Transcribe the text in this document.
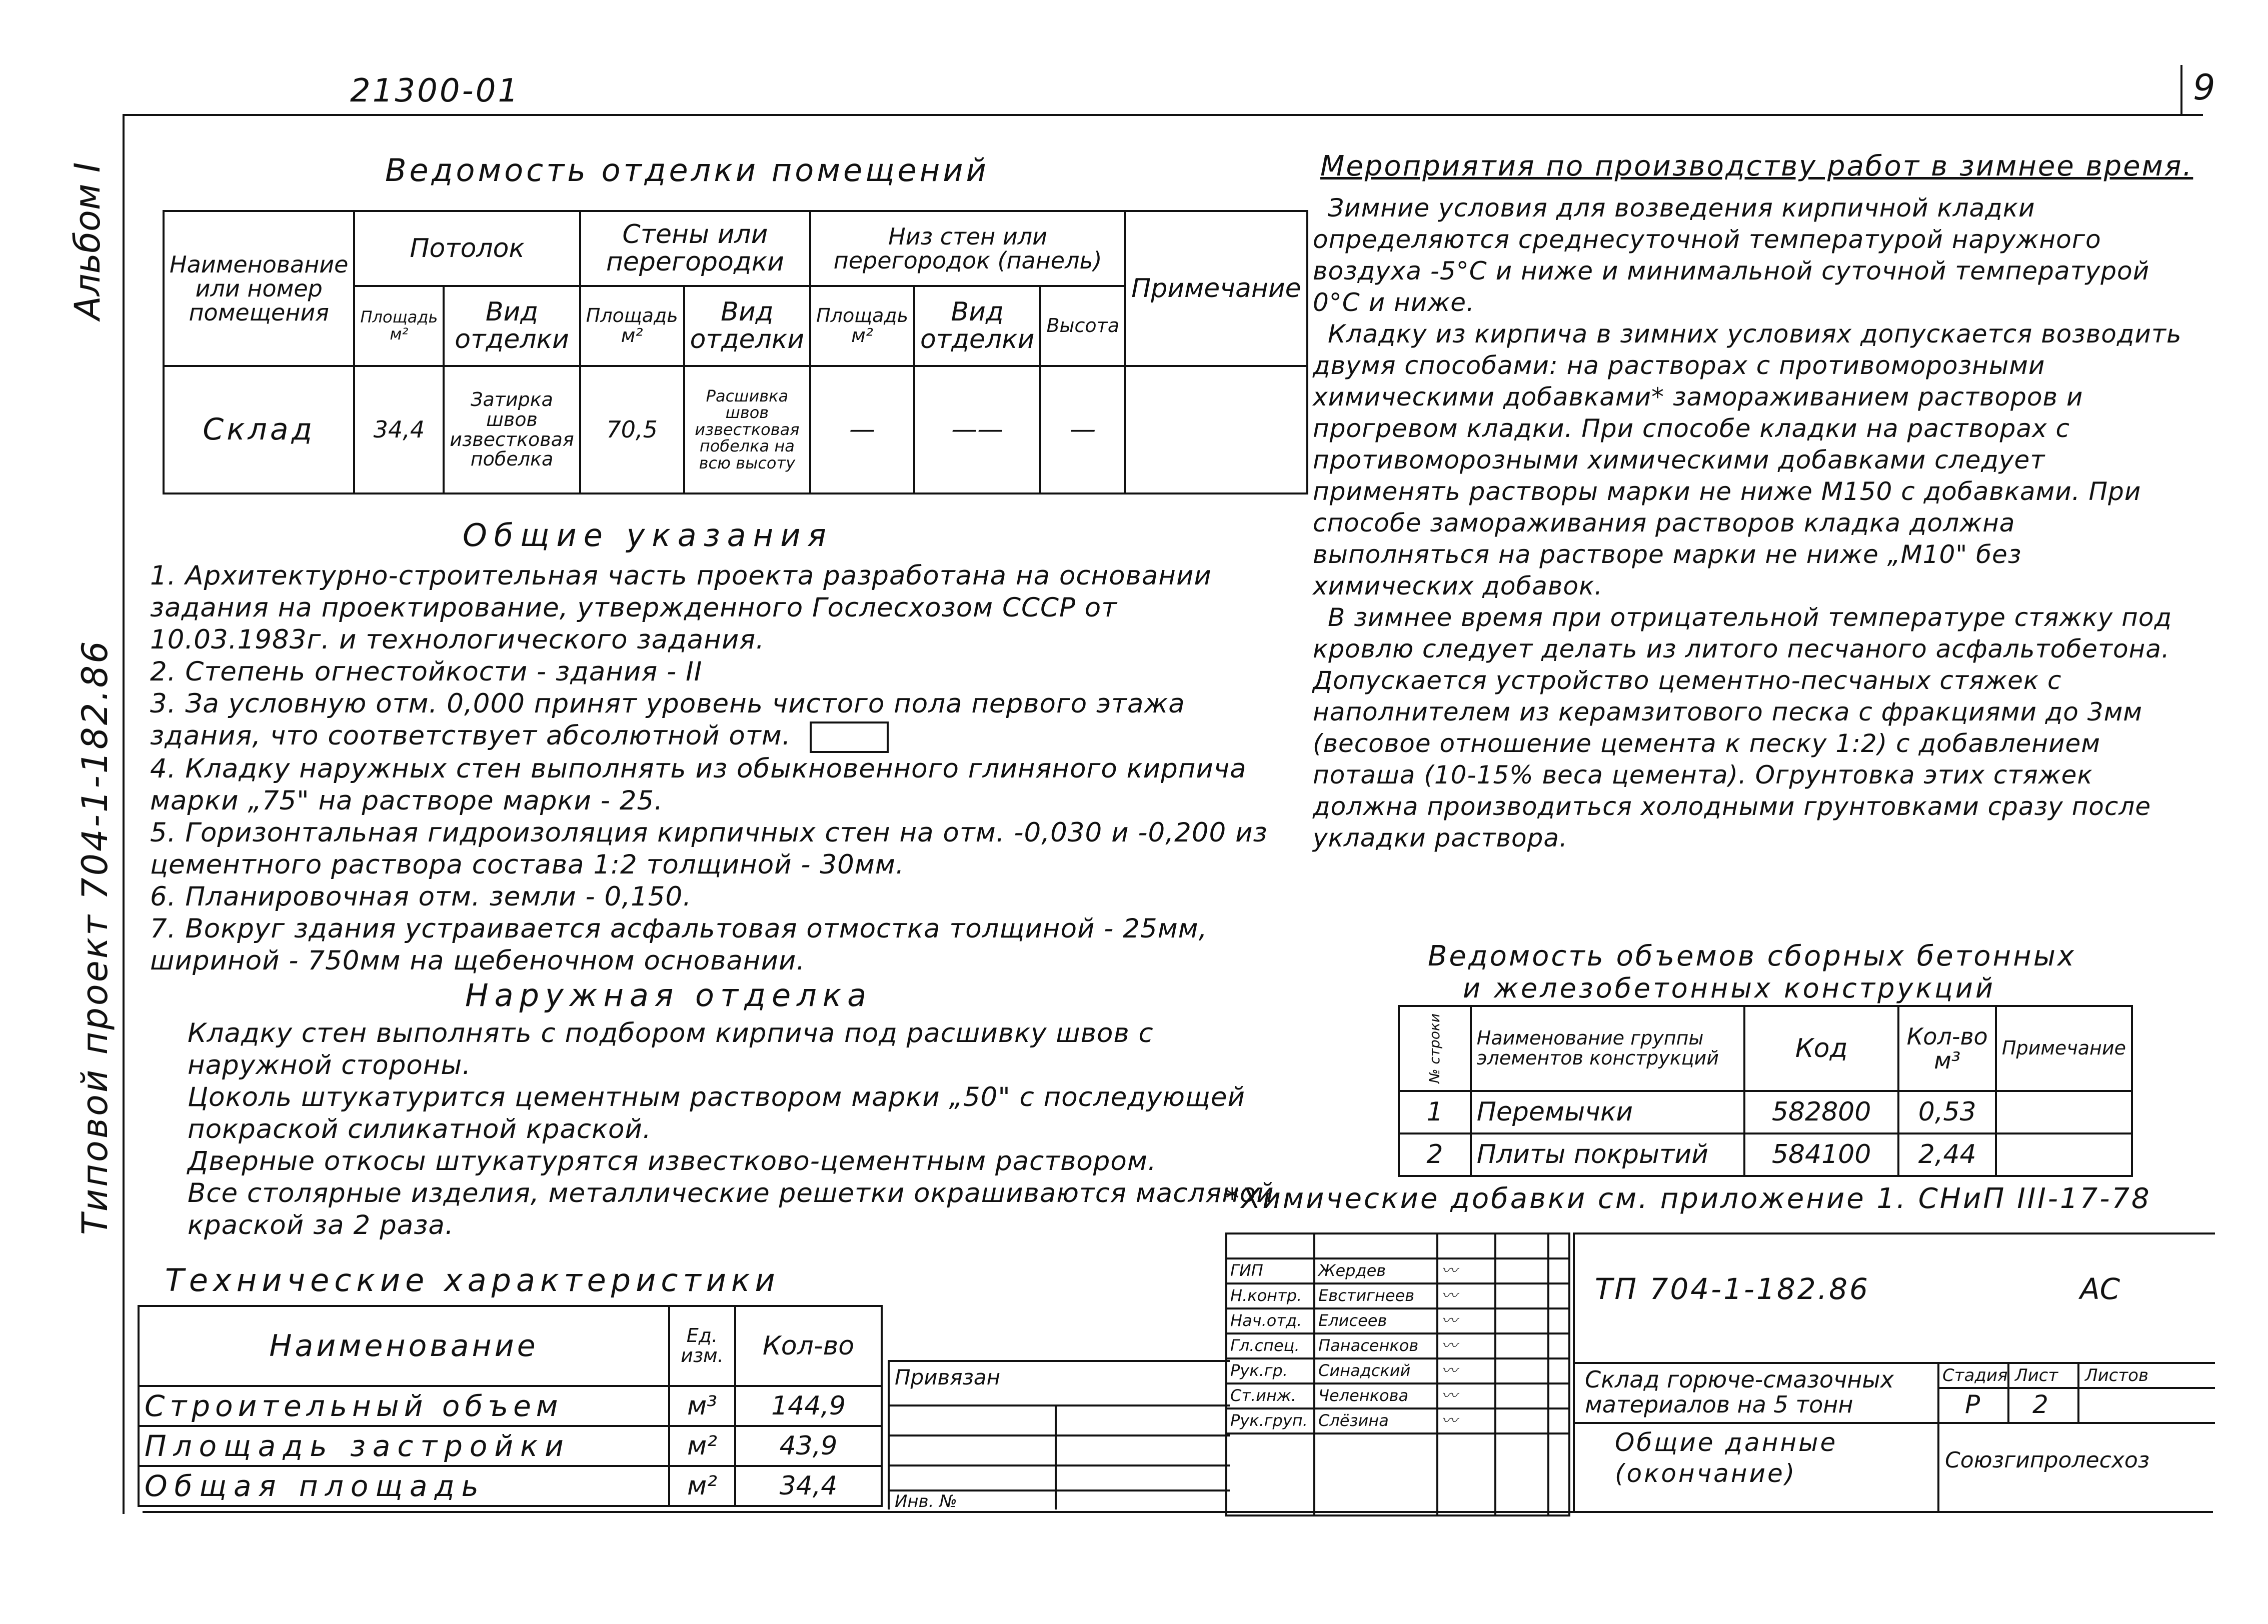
21300-01	9
Альбом I
Типовой проект 704-1-182.86
Ведомость отделки помещений
Наименование или номер помещения	Потолок		Стены или перегородки		Низ стен или перегородок (панель)			Примечание
	Площадь м²	Вид отделки	Площадь м²	Вид отделки	Площадь м²	Вид отделки	Высота	
Склад	34,4	Затирка швов известковая побелка	70,5	Расшивка швов известковая побелка на всю высоту	—	——	—	
Общие указания
1. Архитектурно-строительная часть проекта разработана на основании задания на проектирование, утвержденного Гослесхозом СССР от 10.03.1983г. и технологического задания.
2. Степень огнестойкости - здания - II
3. За условную отм. 0,000 принят уровень чистого пола первого этажа здания, что соответствует абсолютной отм.
4. Кладку наружных стен выполнять из обыкновенного глиняного кирпича марки „75" на растворе марки - 25.
5. Горизонтальная гидроизоляция кирпичных стен на отм. -0,030 и -0,200 из цементного раствора состава 1:2 толщиной - 30мм.
6. Планировочная отм. земли - 0,150.
7. Вокруг здания устраивается асфальтовая отмостка толщиной - 25мм, шириной - 750мм на щебеночном основании.
Наружная отделка
Кладку стен выполнять с подбором кирпича под расшивку швов с наружной стороны.
Цоколь штукатурится цементным раствором марки „50" с последующей покраской силикатной краской.
Дверные откосы штукатурятся известково-цементным раствором.
Все столярные изделия, металлические решетки окрашиваются масляной краской за 2 раза.
Мероприятия по производству работ в зимнее время.
Зимние условия для возведения кирпичной кладки определяются среднесуточной температурой наружного воздуха -5°С и ниже и минимальной суточной температурой 0°С и ниже.
Кладку из кирпича в зимних условиях допускается возводить двумя способами: на растворах с противоморозными химическими добавками* замораживанием растворов и прогревом кладки. При способе кладки на растворах с противоморозными химическими добавками следует применять растворы марки не ниже М150 с добавками. При способе замораживания растворов кладка должна выполняться на растворе марки не ниже „М10" без химических добавок.
В зимнее время при отрицательной температуре стяжку под кровлю следует делать из литого песчаного асфальтобетона. Допускается устройство цементно-песчаных стяжек с наполнителем из керамзитового песка с фракциями до 3мм (весовое отношение цемента к песку 1:2) с добавлением поташа (10-15% веса цемента). Огрунтовка этих стяжек должна производиться холодными грунтовками сразу после укладки раствора.
Ведомость объемов сборных бетонных
и железобетонных конструкций
№ строки	Наименование группы элементов конструкций	Код	Кол-во м³	Примечание
1	Перемычки	582800	0,53	
2	Плиты покрытий	584100	2,44	
*Химические добавки см. приложение 1. СНиП III-17-78
Технические характеристики
Наименование	Ед. изм.	Кол-во
Строительный объем	м³	144,9
Площадь застройки	м²	43,9
Общая площадь	м²	34,4
Привязан
Инв. №

ГИП	Жердев	〰		
Н.контр.	Евстигнеев	〰		
Нач.отд.	Елисеев	〰		
Гл.спец.	Панасенков	〰		
Рук.гр.	Синадский	〰		
Ст.инж.	Челенкова	〰		
Рук.груп.	Слёзина	〰		

ТП 704-1-182.86	АС
Склад горюче-смазочных материалов на 5 тонн
Стадия Лист Листов
Р 2
Общие данные (окончание)	Союзгипролесхоз
